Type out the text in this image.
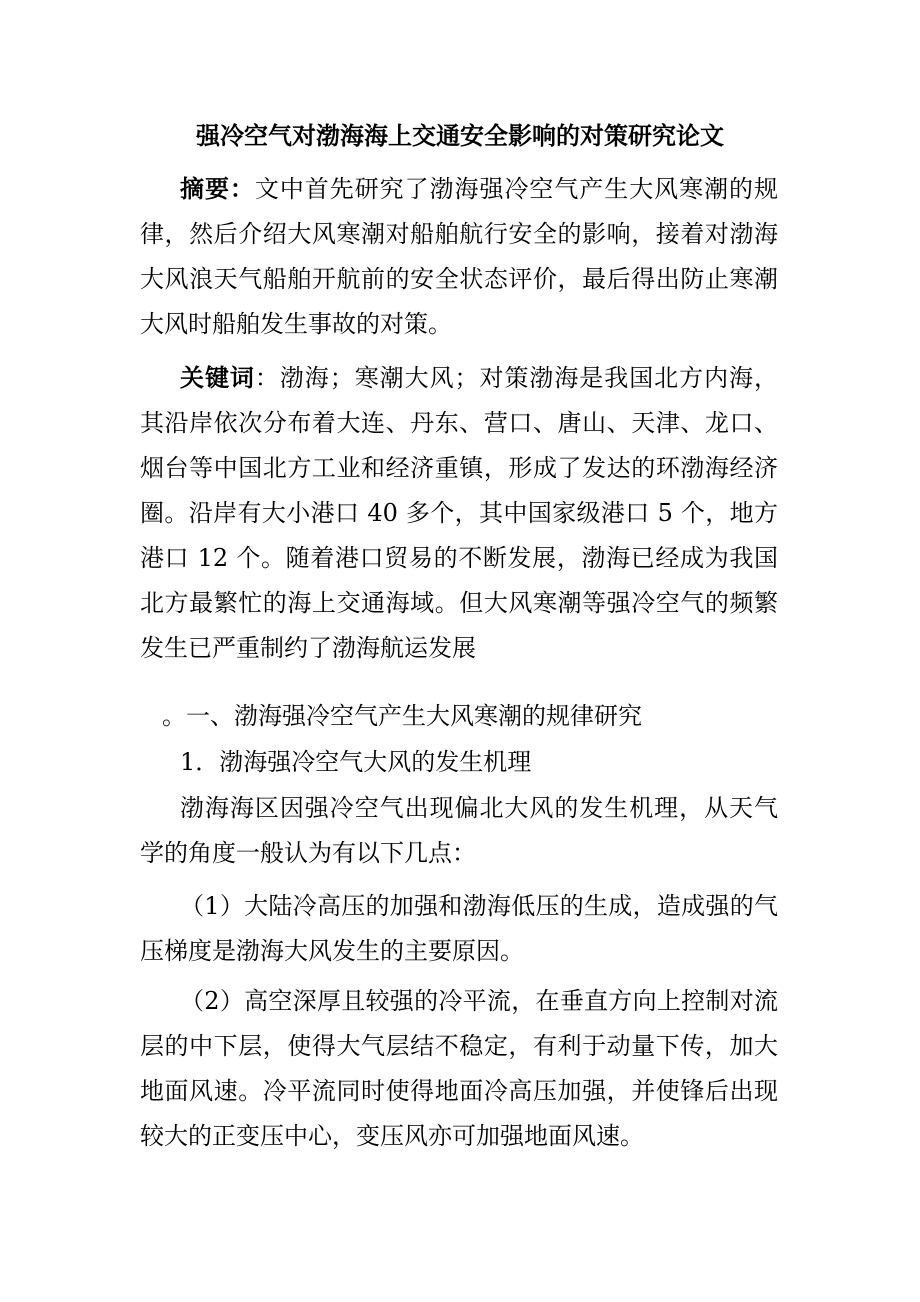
强冷空气对渤海海上交通安全影响的对策研究论文
摘要：文中首先研究了渤海强冷空气产生大风寒潮的规律，然后介绍大风寒潮对船舶航行安全的影响，接着对渤海大风浪天气船舶开航前的安全状态评价，最后得出防止寒潮大风时船舶发生事故的对策。
关键词：渤海；寒潮大风；对策渤海是我国北方内海，其沿岸依次分布着大连、丹东、营口、唐山、天津、龙口、烟台等中国北方工业和经济重镇，形成了发达的环渤海经济圈。沿岸有大小港口 40 多个，其中国家级港口 5 个，地方港口 12 个。随着港口贸易的不断发展，渤海已经成为我国北方最繁忙的海上交通海域。但大风寒潮等强冷空气的频繁发生已严重制约了渤海航运发展
。一、渤海强冷空气产生大风寒潮的规律研究
1．渤海强冷空气大风的发生机理
渤海海区因强冷空气出现偏北大风的发生机理，从天气学的角度一般认为有以下几点：
（1）大陆冷高压的加强和渤海低压的生成，造成强的气压梯度是渤海大风发生的主要原因。
（2）高空深厚且较强的冷平流，在垂直方向上控制对流层的中下层，使得大气层结不稳定，有利于动量下传，加大地面风速。冷平流同时使得地面冷高压加强，并使锋后出现较大的正变压中心，变压风亦可加强地面风速。
